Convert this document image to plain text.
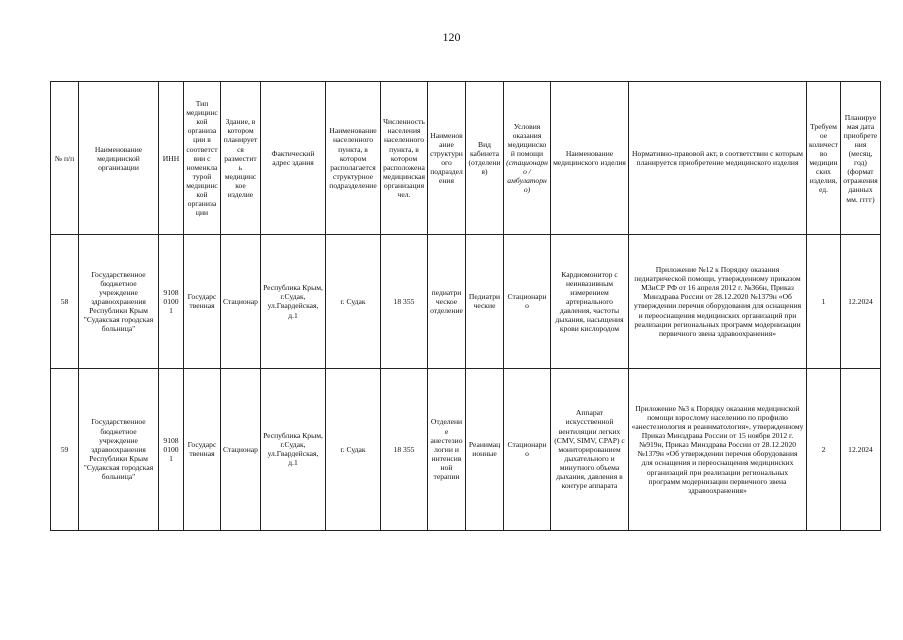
120
№ п/п	Наименование медицинской организации	ИНН	Тип медицинской организации в соответствии с номенклатурой медицинской организации	Здание, в котором планируется разместить медицинское изделие	Фактический адрес здания	Наименование населенного пункта, в котором располагается структурное подразделение	Численность населения населенного пункта, в котором расположена медицинская организация чел.	Наименование структурного подразделения	Вид кабинета (отделения)	Условия оказания медицинской помощи (стационарно / амбулаторно)	Наименование медицинского изделия	Нормативно-правовой акт, в соответствии с которым планируется приобретение медицинского изделия	Требуемое количество медицинских изделия, ед.	Планируемая дата приобретения (месяц, год) (формат отражения данных мм. гггг)
58	Государственное бюджетное учреждение здравоохранения Республики Крым "Судакская городская больница"	9108 0100 1	Государственная	Стационар	Республика Крым, г.Судак, ул.Гвардейская, д.1	г. Судак	18 355	педиатрическое отделение	Педиатрические	Стационарно	Кардиомонитор с неинвазивным измерением артериального давления, частоты дыхания, насыщения крови кислородом	Приложение №12 к Порядку оказания педиатрической помощи, утвержденному приказом МЗиСР РФ от 16 апреля 2012 г. №366н, Приказ Минздрава России от 28.12.2020 №1379н «Об утверждении перечня оборудования для оснащения и переоснащения медицинских организаций при реализации региональных программ модернизации первичного звена здравоохранения»	1	12.2024
59	Государственное бюджетное учреждение здравоохранения Республики Крым "Судакская городская больница"	9108 0100 1	Государственная	Стационар	Республика Крым, г.Судак, ул.Гвардейская, д.1	г. Судак	18 355	Отделение анестезиологии и интенсивной терапии	Реанимационные	Стационарно	Аппарат искусственной вентиляции легких (CMV, SIMV, CPAP) с мониторированием дыхательного и минутного объема дыхания, давления в контуре аппарата	Приложение №3 к Порядку оказания медицинской помощи взрослому населению по профилю «анестезиология и реаниматология», утвержденному Приказ Минздрава России от 15 ноября 2012 г. №919н, Приказ Минздрава России от 28.12.2020 №1379н «Об утверждении перечня оборудования для оснащения и переоснащения медицинских организаций при реализации региональных программ модернизации первичного звена здравоохранения»	2	12.2024
